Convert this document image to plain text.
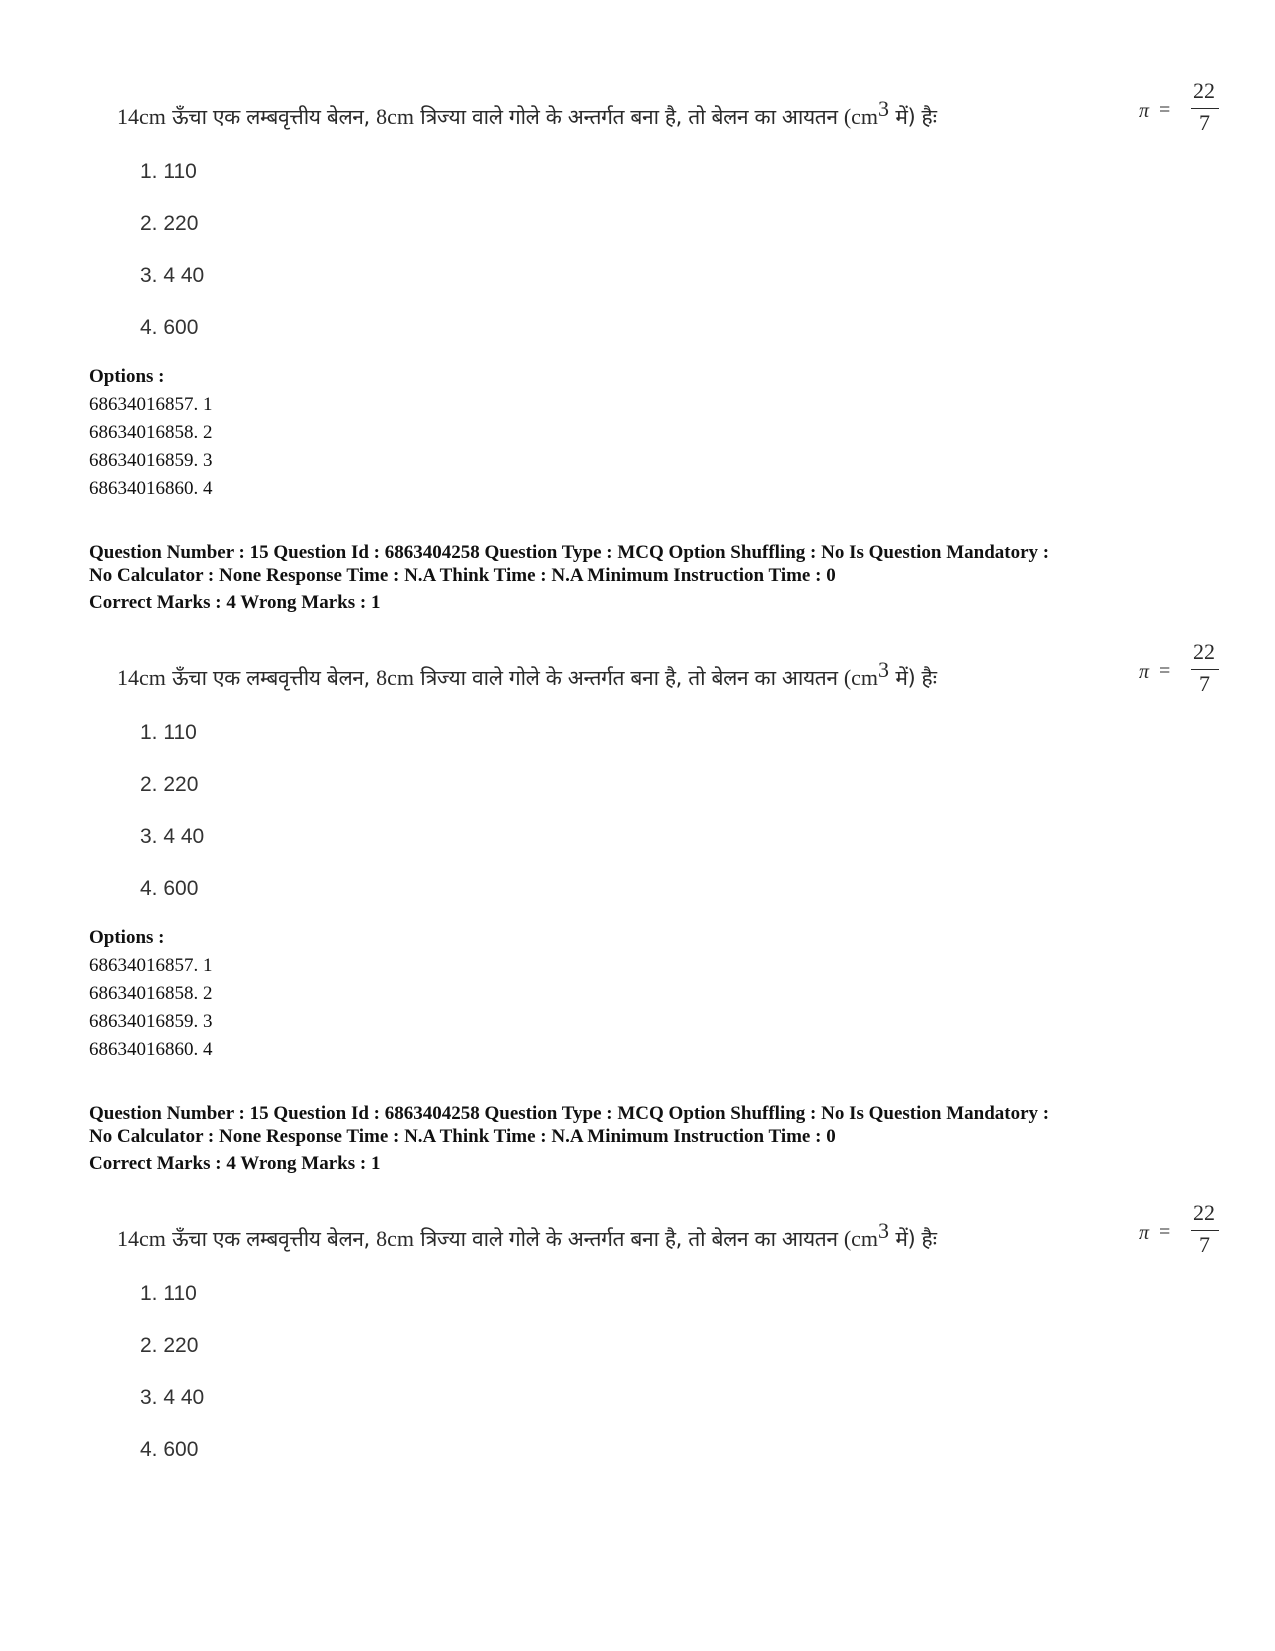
14cm ऊँचा एक लम्बवृत्तीय बेलन, 8cm त्रिज्या वाले गोले के अन्तर्गत बना है, तो बेलन का आयतन ($cm^3$ में) हैः	π =
22
7
1. 110
2. 220
3. 4 40
4. 600
Options :
68634016857. 1
68634016858. 2
68634016859. 3
68634016860. 4
Question Number : 15 Question Id : 6863404258 Question Type : MCQ Option Shuffling : No Is Question Mandatory :
No Calculator : None Response Time : N.A Think Time : N.A Minimum Instruction Time : 0
Correct Marks : 4 Wrong Marks : 1
14cm ऊँचा एक लम्बवृत्तीय बेलन, 8cm त्रिज्या वाले गोले के अन्तर्गत बना है, तो बेलन का आयतन ($cm^3$ में) हैः	π =
22
7
1. 110
2. 220
3. 4 40
4. 600
Options :
68634016857. 1
68634016858. 2
68634016859. 3
68634016860. 4
Question Number : 15 Question Id : 6863404258 Question Type : MCQ Option Shuffling : No Is Question Mandatory :
No Calculator : None Response Time : N.A Think Time : N.A Minimum Instruction Time : 0
Correct Marks : 4 Wrong Marks : 1
14cm ऊँचा एक लम्बवृत्तीय बेलन, 8cm त्रिज्या वाले गोले के अन्तर्गत बना है, तो बेलन का आयतन ($cm^3$ में) हैः	π =
22
7
1. 110
2. 220
3. 4 40
4. 600
